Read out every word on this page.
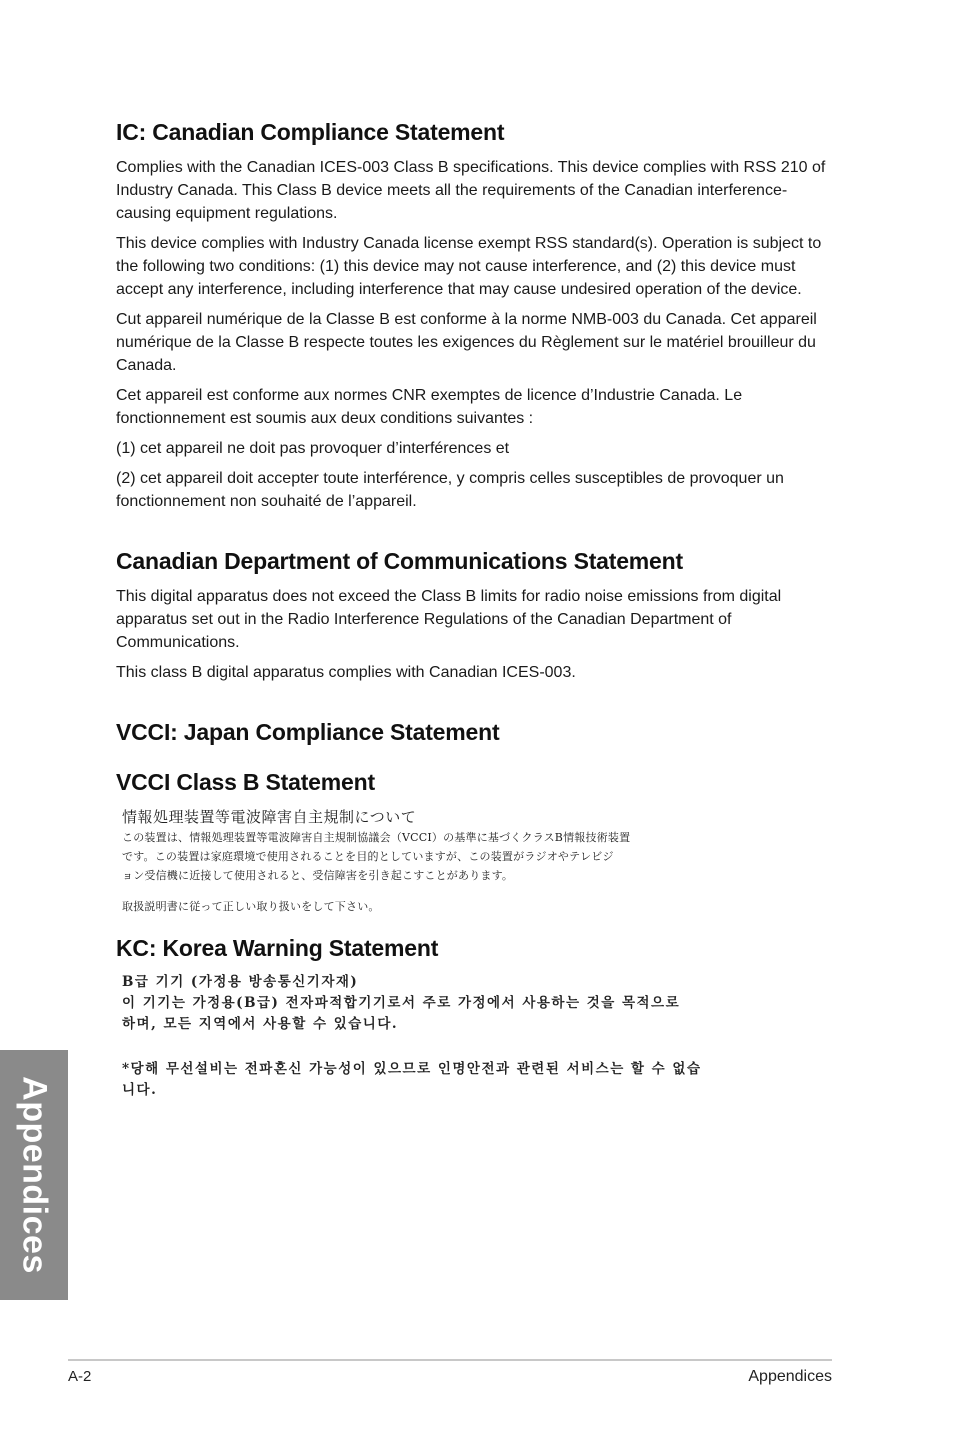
IC: Canadian Compliance Statement

Complies with the Canadian ICES-003 Class B specifications. This device complies with RSS 210 of Industry Canada. This Class B device meets all the requirements of the Canadian interference-causing equipment regulations.

This device complies with Industry Canada license exempt RSS standard(s). Operation is subject to the following two conditions: (1) this device may not cause interference, and (2) this device must accept any interference, including interference that may cause undesired operation of the device.

Cut appareil numérique de la Classe B est conforme à la norme NMB-003 du Canada. Cet appareil numérique de la Classe B respecte toutes les exigences du Règlement sur le matériel brouilleur du Canada.

Cet appareil est conforme aux normes CNR exemptes de licence d’Industrie Canada. Le fonctionnement est soumis aux deux conditions suivantes :

(1) cet appareil ne doit pas provoquer d’interférences et

(2) cet appareil doit accepter toute interférence, y compris celles susceptibles de provoquer un fonctionnement non souhaité de l’appareil.

Canadian Department of Communications Statement

This digital apparatus does not exceed the Class B limits for radio noise emissions from digital apparatus set out in the Radio Interference Regulations of the Canadian Department of Communications.

This class B digital apparatus complies with Canadian ICES-003.

VCCI: Japan Compliance Statement
VCCI Class B Statement
情報処理装置等電波障害自主規制について
この装置は、情報処理装置等電波障害自主規制協議会（VCCI）の基準に基づくクラスB情報技術装置
です。この装置は家庭環境で使用されることを目的としていますが、この装置がラジオやテレビジ
ョン受信機に近接して使用されると、受信障害を引き起こすことがあります。
取扱説明書に従って正しい取り扱いをして下さい。
KC: Korea Warning Statement
B급 기기 (가정용 방송통신기자재)
이 기기는 가정용(B급) 전자파적합기기로서 주로 가정에서 사용하는 것을 목적으로
하며, 모든 지역에서 사용할 수 있습니다.
*당해 무선설비는 전파혼신 가능성이 있으므로 인명안전과 관련된 서비스는 할 수 없습
니다.
Appendices
A-2	Appendices
